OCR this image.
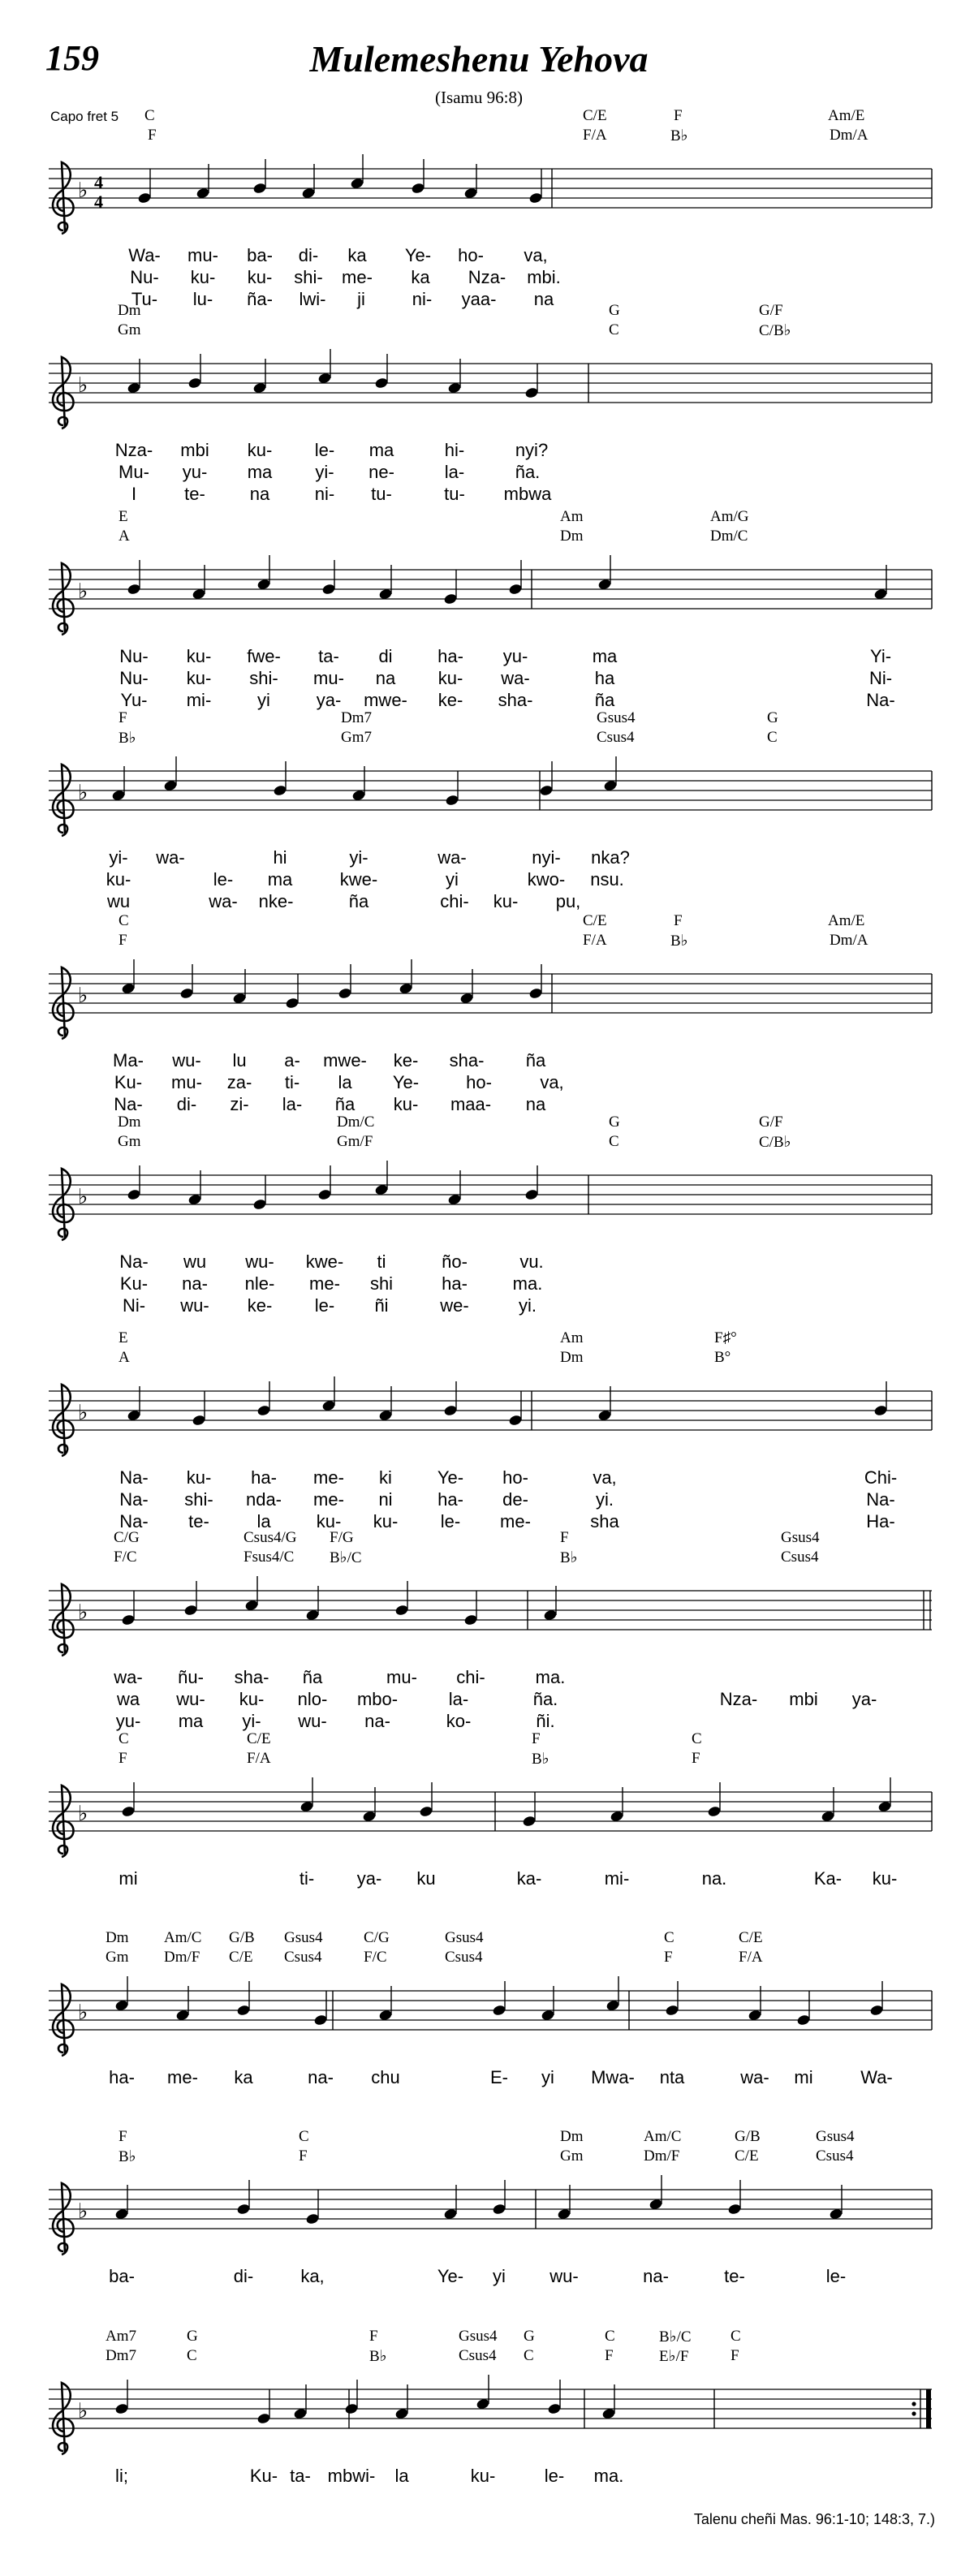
159	Mulemeshenu Yehova
(Isamu 96:8)
Capo fret 5 C
F
C/E
F/A
F
B♭
Am/E
Dm/A
♭ 4
4
Wa- mu- ba- di- ka Ye- ho- va,
Nu- ku- ku- shi- me- ka Nza- mbi.
Tu- lu- ña- lwi- ji	ni- yaa- na
Dm
Gm
G
C
G/F
C/B♭
♭
Nza- mbi ku- le- ma	hi-	nyi?
Mu- yu- ma yi- ne-	la-	ña.
I	te- na	ni- tu-	tu- mbwa
E
A
Am
Dm
Am/G
Dm/C
♭
Nu- ku- fwe- ta- di	ha- yu-	ma	Yi-
Nu- ku- shi- mu- na ku- wa-	ha	Ni-
Yu- mi-	yi	ya- mwe- ke- sha-	ña	Na-
F
B♭
Dm7
Gm7
Gsus4
Csus4
G
C
♭
yi- wa-	hi	yi-	wa-	nyi- nka?
ku-	le- ma	kwe-	yi	kwo- nsu.
wu	wa- nke-	ña	chi- ku- pu,
C
F
C/E
F/A
F
B♭
Am/E
Dm/A
♭
Ma- wu- lu a- mwe- ke- sha- ña
Ku- mu- za- ti- la Ye-	ho-	va,
Na- di- zi- la- ña ku- maa- na
Dm
Gm
Dm/C
Gm/F
G
C
G/F
C/B♭
♭
Na- wu wu- kwe- ti	ño-	vu.
Ku- na- nle- me- shi	ha-	ma.
Ni- wu- ke- le- ñi	we-	yi.
E
A
Am
Dm
F♯°
B°
♭
Na- ku- ha- me- ki	Ye- ho-	va,	Chi-
Na- shi- nda- me- ni	ha- de-	yi.	Na-
Na- te-	la	ku- ku- le- me-	sha	Ha-
C/G
F/C
Csus4/G
Fsus4/C
F/G
B♭/C
F
B♭
Gsus4
Csus4
♭
wa- ñu- sha- ña	mu- chi-	ma.
wa wu- ku- nlo- mbo-	la-	ña.	Nza- mbi ya-
yu- ma yi- wu- na-	ko-	ñi.
C
F
C/E
F/A
F
B♭
C
F
♭
mi	ti- ya- ku	ka-	mi-	na.	Ka- ku-
Dm
Gm
Am/C
Dm/F
G/B
C/E
Gsus4
Csus4
C/G
F/C
Gsus4
Csus4
C
F
C/E
F/A
♭
ha- me- ka	na- chu	E- yi Mwa- nta	wa- mi	Wa-
F
B♭
C
F
Dm
Gm
Am/C
Dm/F
G/B
C/E
Gsus4
Csus4
♭
ba-	di-	ka,	Ye- yi wu-	na-	te-	le-
Am7
Dm7
G
C
F
B♭
Gsus4
Csus4
G
C
C
F
B♭/C
E♭/F
C
F
♭
li;	Ku- ta- mbwi- la	ku-	le- ma.
Talenu cheñi Mas. 96:1-10; 148:3, 7.)
